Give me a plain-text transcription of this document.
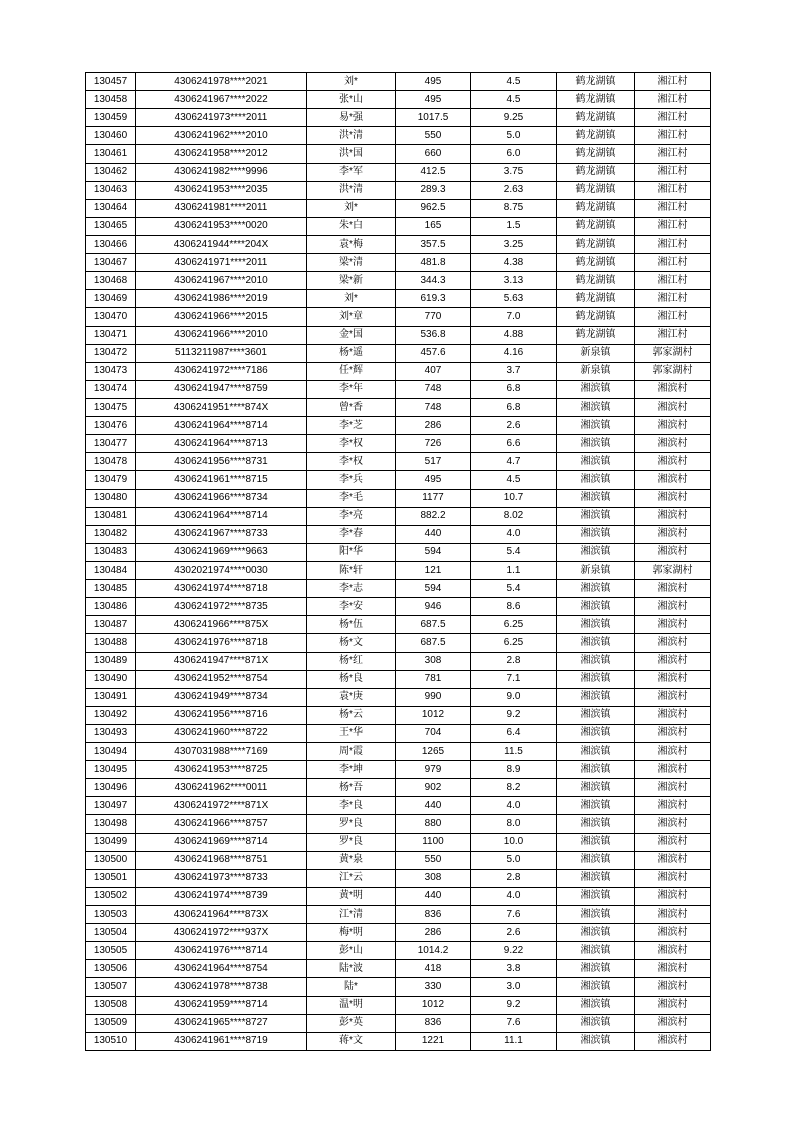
130457	4306241978****2021	刘*	495	4.5	鹤龙湖镇	湘江村
130458	4306241967****2022	张*山	495	4.5	鹤龙湖镇	湘江村
130459	4306241973****2011	易*强	1017.5	9.25	鹤龙湖镇	湘江村
130460	4306241962****2010	洪*清	550	5.0	鹤龙湖镇	湘江村
130461	4306241958****2012	洪*国	660	6.0	鹤龙湖镇	湘江村
130462	4306241982****9996	李*军	412.5	3.75	鹤龙湖镇	湘江村
130463	4306241953****2035	洪*清	289.3	2.63	鹤龙湖镇	湘江村
130464	4306241981****2011	刘*	962.5	8.75	鹤龙湖镇	湘江村
130465	4306241953****0020	朱*白	165	1.5	鹤龙湖镇	湘江村
130466	4306241944****204X	袁*梅	357.5	3.25	鹤龙湖镇	湘江村
130467	4306241971****2011	梁*清	481.8	4.38	鹤龙湖镇	湘江村
130468	4306241967****2010	梁*新	344.3	3.13	鹤龙湖镇	湘江村
130469	4306241986****2019	刘*	619.3	5.63	鹤龙湖镇	湘江村
130470	4306241966****2015	刘*章	770	7.0	鹤龙湖镇	湘江村
130471	4306241966****2010	金*国	536.8	4.88	鹤龙湖镇	湘江村
130472	5113211987****3601	杨*遥	457.6	4.16	新泉镇	郭家湖村
130473	4306241972****7186	任*辉	407	3.7	新泉镇	郭家湖村
130474	4306241947****8759	李*年	748	6.8	湘滨镇	湘滨村
130475	4306241951****874X	曾*香	748	6.8	湘滨镇	湘滨村
130476	4306241964****8714	李*芝	286	2.6	湘滨镇	湘滨村
130477	4306241964****8713	李*权	726	6.6	湘滨镇	湘滨村
130478	4306241956****8731	李*权	517	4.7	湘滨镇	湘滨村
130479	4306241961****8715	李*兵	495	4.5	湘滨镇	湘滨村
130480	4306241966****8734	李*毛	1177	10.7	湘滨镇	湘滨村
130481	4306241964****8714	李*亮	882.2	8.02	湘滨镇	湘滨村
130482	4306241967****8733	李*春	440	4.0	湘滨镇	湘滨村
130483	4306241969****9663	阳*华	594	5.4	湘滨镇	湘滨村
130484	4302021974****0030	陈*轩	121	1.1	新泉镇	郭家湖村
130485	4306241974****8718	李*志	594	5.4	湘滨镇	湘滨村
130486	4306241972****8735	李*安	946	8.6	湘滨镇	湘滨村
130487	4306241966****875X	杨*伍	687.5	6.25	湘滨镇	湘滨村
130488	4306241976****8718	杨*文	687.5	6.25	湘滨镇	湘滨村
130489	4306241947****871X	杨*红	308	2.8	湘滨镇	湘滨村
130490	4306241952****8754	杨*良	781	7.1	湘滨镇	湘滨村
130491	4306241949****8734	袁*庚	990	9.0	湘滨镇	湘滨村
130492	4306241956****8716	杨*云	1012	9.2	湘滨镇	湘滨村
130493	4306241960****8722	王*华	704	6.4	湘滨镇	湘滨村
130494	4307031988****7169	周*霞	1265	11.5	湘滨镇	湘滨村
130495	4306241953****8725	李*坤	979	8.9	湘滨镇	湘滨村
130496	4306241962****0011	杨*吾	902	8.2	湘滨镇	湘滨村
130497	4306241972****871X	李*良	440	4.0	湘滨镇	湘滨村
130498	4306241966****8757	罗*良	880	8.0	湘滨镇	湘滨村
130499	4306241969****8714	罗*良	1100	10.0	湘滨镇	湘滨村
130500	4306241968****8751	黄*泉	550	5.0	湘滨镇	湘滨村
130501	4306241973****8733	江*云	308	2.8	湘滨镇	湘滨村
130502	4306241974****8739	黄*明	440	4.0	湘滨镇	湘滨村
130503	4306241964****873X	江*清	836	7.6	湘滨镇	湘滨村
130504	4306241972****937X	梅*明	286	2.6	湘滨镇	湘滨村
130505	4306241976****8714	彭*山	1014.2	9.22	湘滨镇	湘滨村
130506	4306241964****8754	陆*波	418	3.8	湘滨镇	湘滨村
130507	4306241978****8738	陆*	330	3.0	湘滨镇	湘滨村
130508	4306241959****8714	温*明	1012	9.2	湘滨镇	湘滨村
130509	4306241965****8727	彭*英	836	7.6	湘滨镇	湘滨村
130510	4306241961****8719	蒋*文	1221	11.1	湘滨镇	湘滨村
